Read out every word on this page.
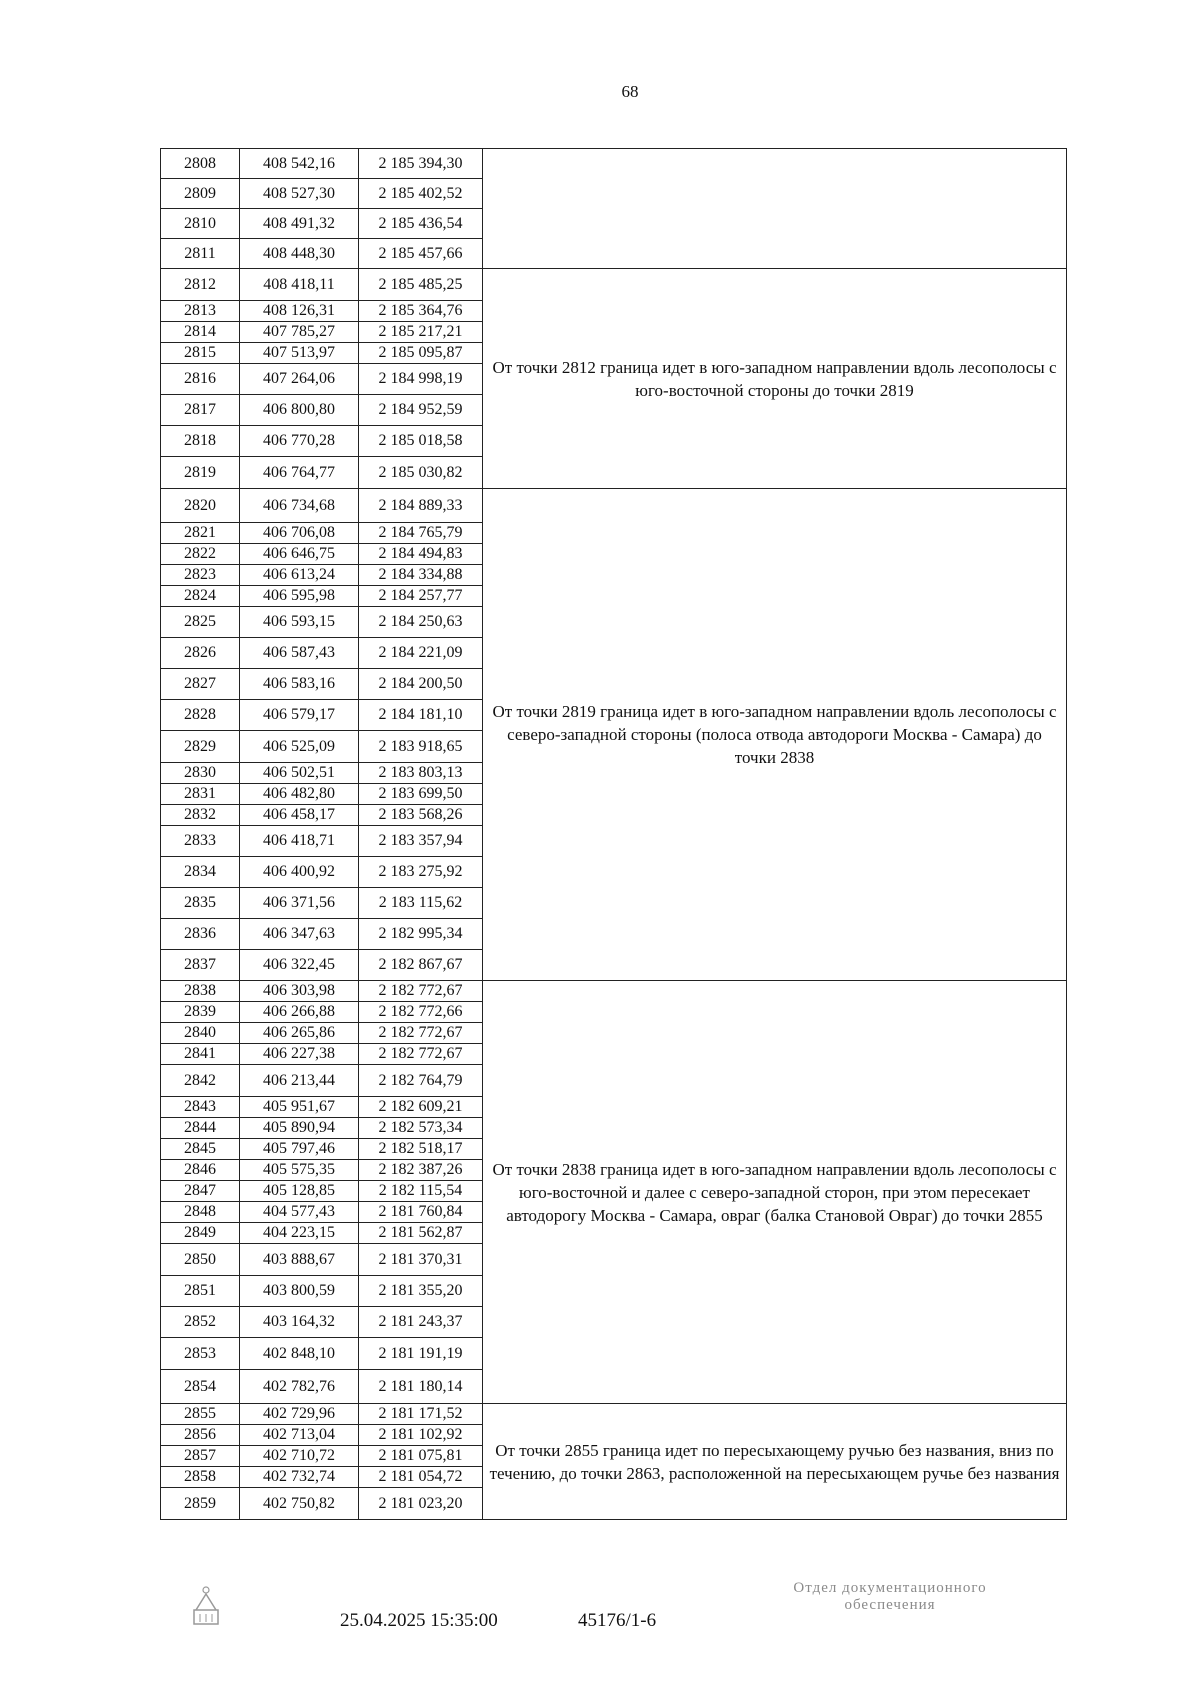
68
2808	408 542,16	2 185 394,30	
2809	408 527,30	2 185 402,52	
2810	408 491,32	2 185 436,54	
2811	408 448,30	2 185 457,66	
2812	408 418,11	2 185 485,25	От точки 2812 граница идет в юго-западном направлении вдоль лесополосы с юго-восточной стороны до точки 2819
2813	408 126,31	2 185 364,76	
2814	407 785,27	2 185 217,21	
2815	407 513,97	2 185 095,87	
2816	407 264,06	2 184 998,19	
2817	406 800,80	2 184 952,59	
2818	406 770,28	2 185 018,58	
2819	406 764,77	2 185 030,82	
2820	406 734,68	2 184 889,33	От точки 2819 граница идет в юго-западном направлении вдоль лесополосы с северо-западной стороны (полоса отвода автодороги Москва - Самара) до точки 2838
2821	406 706,08	2 184 765,79	
2822	406 646,75	2 184 494,83	
2823	406 613,24	2 184 334,88	
2824	406 595,98	2 184 257,77	
2825	406 593,15	2 184 250,63	
2826	406 587,43	2 184 221,09	
2827	406 583,16	2 184 200,50	
2828	406 579,17	2 184 181,10	
2829	406 525,09	2 183 918,65	
2830	406 502,51	2 183 803,13	
2831	406 482,80	2 183 699,50	
2832	406 458,17	2 183 568,26	
2833	406 418,71	2 183 357,94	
2834	406 400,92	2 183 275,92	
2835	406 371,56	2 183 115,62	
2836	406 347,63	2 182 995,34	
2837	406 322,45	2 182 867,67	
2838	406 303,98	2 182 772,67	От точки 2838 граница идет в юго-западном направлении вдоль лесополосы с юго-восточной и далее с северо-западной сторон, при этом пересекает автодорогу Москва - Самара, овраг (балка Становой Овраг) до точки 2855
2839	406 266,88	2 182 772,66	
2840	406 265,86	2 182 772,67	
2841	406 227,38	2 182 772,67	
2842	406 213,44	2 182 764,79	
2843	405 951,67	2 182 609,21	
2844	405 890,94	2 182 573,34	
2845	405 797,46	2 182 518,17	
2846	405 575,35	2 182 387,26	
2847	405 128,85	2 182 115,54	
2848	404 577,43	2 181 760,84	
2849	404 223,15	2 181 562,87	
2850	403 888,67	2 181 370,31	
2851	403 800,59	2 181 355,20	
2852	403 164,32	2 181 243,37	
2853	402 848,10	2 181 191,19	
2854	402 782,76	2 181 180,14	
2855	402 729,96	2 181 171,52	От точки 2855 граница идет по пересыхающему ручью без названия, вниз по течению, до точки 2863, расположенной на пересыхающем ручье без названия
2856	402 713,04	2 181 102,92	
2857	402 710,72	2 181 075,81	
2858	402 732,74	2 181 054,72	
2859	402 750,82	2 181 023,20	
25.04.2025 15:35:00	45176/1-6
Отдел документационного
обеспечения
